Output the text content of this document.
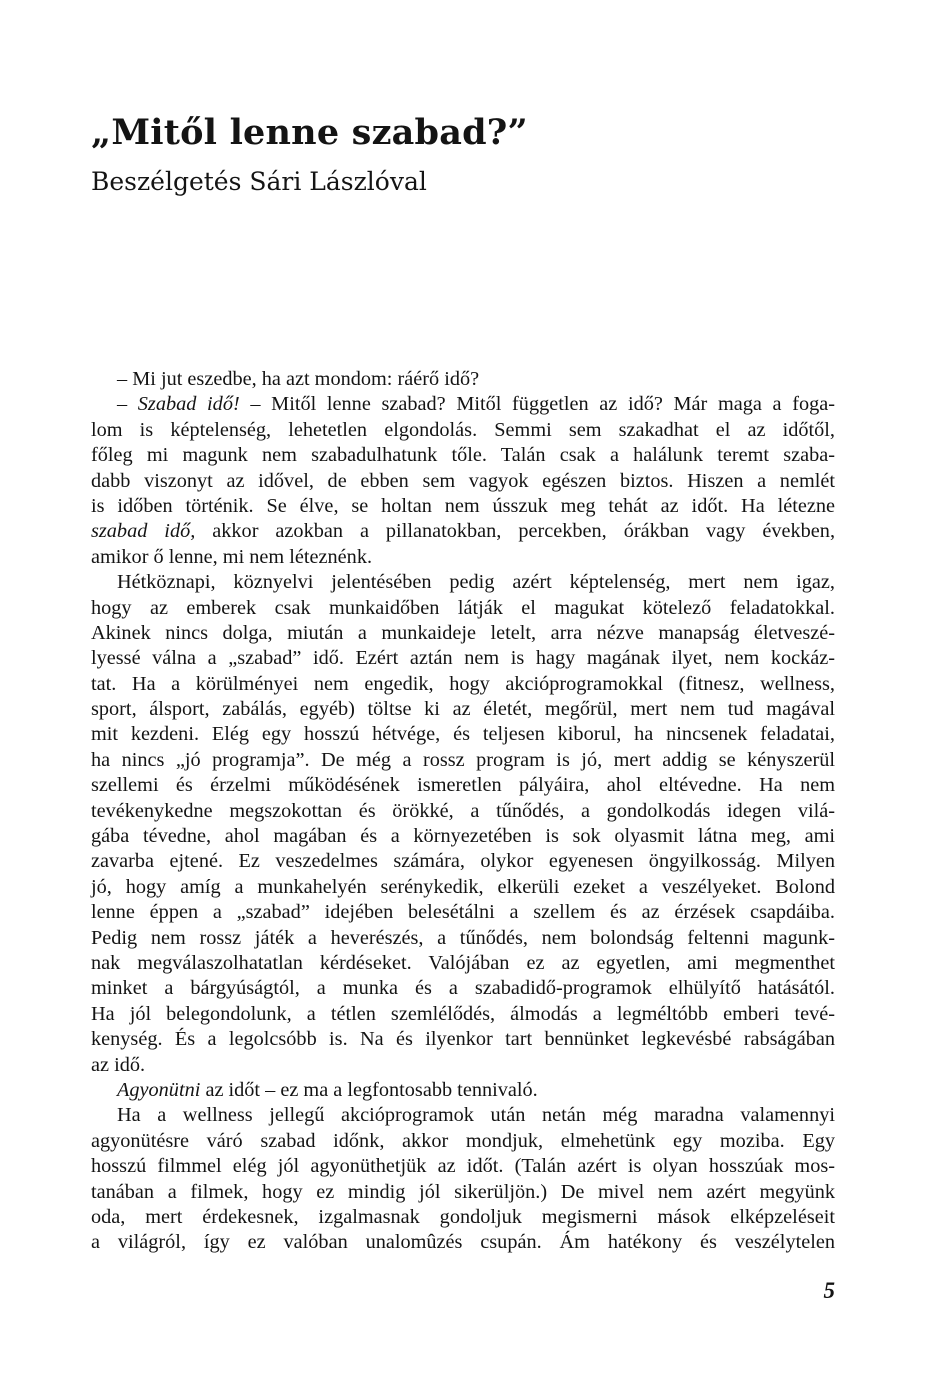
„Mitől lenne szabad?”
Beszélgetés Sári Lászlóval
– Mi jut eszedbe, ha azt mondom: ráérő idő?
– Szabad idő! – Mitől lenne szabad? Mitől független az idő? Már maga a foga-
lom is képtelenség, lehetetlen elgondolás. Semmi sem szakadhat el az időtől,
főleg mi magunk nem szabadulhatunk tőle. Talán csak a halálunk teremt szaba-
dabb viszonyt az idővel, de ebben sem vagyok egészen biztos. Hiszen a nemlét
is időben történik. Se élve, se holtan nem ússzuk meg tehát az időt. Ha létezne
szabad idő, akkor azokban a pillanatokban, percekben, órákban vagy években,
amikor ő lenne, mi nem léteznénk.
Hétköznapi, köznyelvi jelentésében pedig azért képtelenség, mert nem igaz,
hogy az emberek csak munkaidőben látják el magukat kötelező feladatokkal.
Akinek nincs dolga, miután a munkaideje letelt, arra nézve manapság életveszé-
lyessé válna a „szabad” idő. Ezért aztán nem is hagy magának ilyet, nem kockáz-
tat. Ha a körülményei nem engedik, hogy akcióprogramokkal (fitnesz, wellness,
sport, álsport, zabálás, egyéb) töltse ki az életét, megőrül, mert nem tud magával
mit kezdeni. Elég egy hosszú hétvége, és teljesen kiborul, ha nincsenek feladatai,
ha nincs „jó programja”. De még a rossz program is jó, mert addig se kényszerül
szellemi és érzelmi működésének ismeretlen pályáira, ahol eltévedne. Ha nem
tevékenykedne megszokottan és örökké, a tűnődés, a gondolkodás idegen vilá-
gába tévedne, ahol magában és a környezetében is sok olyasmit látna meg, ami
zavarba ejtené. Ez veszedelmes számára, olykor egyenesen öngyilkosság. Milyen
jó, hogy amíg a munkahelyén serénykedik, elkerüli ezeket a veszélyeket. Bolond
lenne éppen a „szabad” idejében belesétálni a szellem és az érzések csapdáiba.
Pedig nem rossz játék a heverészés, a tűnődés, nem bolondság feltenni magunk-
nak megválaszolhatatlan kérdéseket. Valójában ez az egyetlen, ami megmenthet
minket a bárgyúságtól, a munka és a szabadidő-programok elhülyítő hatásától.
Ha jól belegondolunk, a tétlen szemlélődés, álmodás a legméltóbb emberi tevé-
kenység. És a legolcsóbb is. Na és ilyenkor tart bennünket legkevésbé rabságában
az idő.
Agyonütni az időt – ez ma a legfontosabb tennivaló.
Ha a wellness jellegű akcióprogramok után netán még maradna valamennyi
agyonütésre váró szabad időnk, akkor mondjuk, elmehetünk egy moziba. Egy
hosszú filmmel elég jól agyonüthetjük az időt. (Talán azért is olyan hosszúak mos-
tanában a filmek, hogy ez mindig jól sikerüljön.) De mivel nem azért megyünk
oda, mert érdekesnek, izgalmasnak gondoljuk megismerni mások elképzeléseit
a világról, így ez valóban unalomûzés csupán. Ám hatékony és veszélytelen
5
